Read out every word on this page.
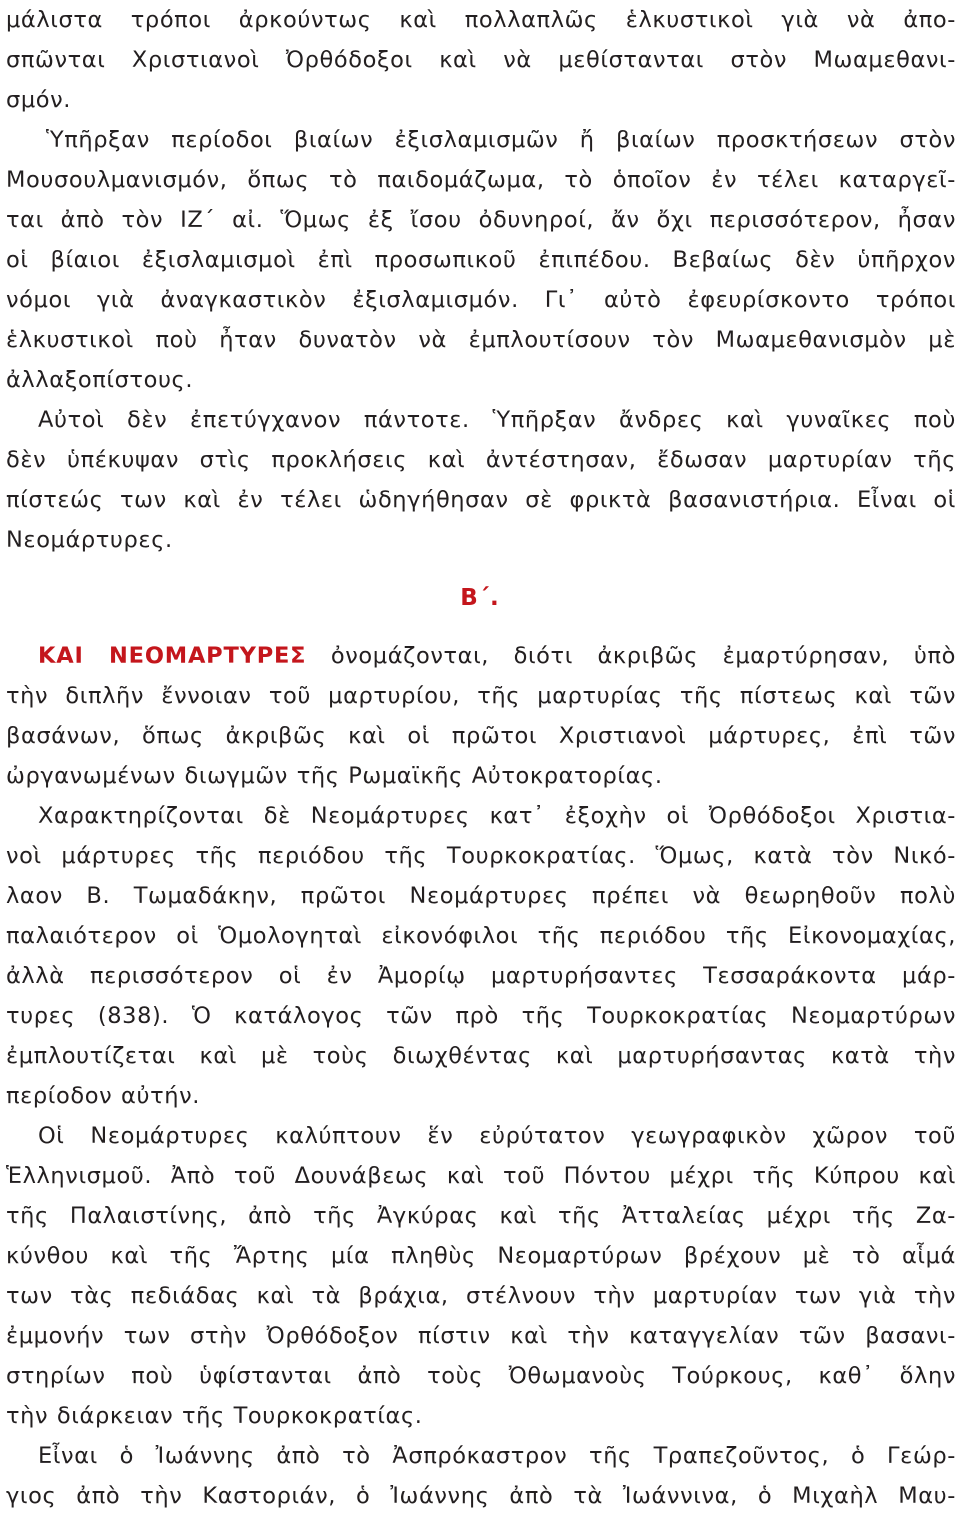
μάλιστα τρόποι ἀρκούντως καὶ πολλαπλῶς ἑλκυστικοὶ γιὰ νὰ ἀπο-
σπῶνται Χριστιανοὶ Ὀρθόδοξοι καὶ νὰ μεθίστανται στὸν Μωαμεθανι-
σμόν.
Ὑπῆρξαν περίοδοι βιαίων ἐξισλαμισμῶν ἤ βιαίων προσκτήσεων στὸν
Μουσουλμανισμόν, ὅπως τὸ παιδομάζωμα, τὸ ὁποῖον ἐν τέλει καταργεῖ-
ται ἀπὸ τὸν ΙΖ΄ αἰ. Ὅμως ἐξ ἴσου ὀδυνηροί, ἄν ὄχι περισσότερον, ἦσαν
οἱ βίαιοι ἐξισλαμισμοὶ ἐπὶ προσωπικοῦ ἐπιπέδου. Βεβαίως δὲν ὑπῆρχον
νόμοι γιὰ ἀναγκαστικὸν ἐξισλαμισμόν. Γι᾽ αὐτὸ ἐφευρίσκοντο τρόποι
ἑλκυστικοὶ ποὺ ἦταν δυνατὸν νὰ ἐμπλουτίσουν τὸν Μωαμεθανισμὸν μὲ
ἀλλαξοπίστους.
Αὐτοὶ δὲν ἐπετύγχανον πάντοτε. Ὑπῆρξαν ἄνδρες καὶ γυναῖκες ποὺ
δὲν ὑπέκυψαν στὶς προκλήσεις καὶ ἀντέστησαν, ἔδωσαν μαρτυρίαν τῆς
πίστεώς των καὶ ἐν τέλει ὡδηγήθησαν σὲ φρικτὰ βασανιστήρια. Εἶναι οἱ
Νεομάρτυρες.
Β΄.
ΚΑΙ ΝΕΟΜΑΡΤΥΡΕΣ ὀνομάζονται, διότι ἀκριβῶς ἐμαρτύρησαν, ὑπὸ
τὴν διπλῆν ἔννοιαν τοῦ μαρτυρίου, τῆς μαρτυρίας τῆς πίστεως καὶ τῶν
βασάνων, ὅπως ἀκριβῶς καὶ οἱ πρῶτοι Χριστιανοὶ μάρτυρες, ἐπὶ τῶν
ὠργανωμένων διωγμῶν τῆς Ρωμαϊκῆς Αὐτοκρατορίας.
Χαρακτηρίζονται δὲ Νεομάρτυρες κατ᾽ ἐξοχὴν οἱ Ὀρθόδοξοι Χριστια-
νοὶ μάρτυρες τῆς περιόδου τῆς Τουρκοκρατίας. Ὅμως, κατὰ τὸν Νικό-
λαον Β. Τωμαδάκην, πρῶτοι Νεομάρτυρες πρέπει νὰ θεωρηθοῦν πολὺ
παλαιότερον οἱ Ὁμολογηταὶ εἰκονόφιλοι τῆς περιόδου τῆς Εἰκονομαχίας,
ἀλλὰ περισσότερον οἱ ἐν Ἀμορίῳ μαρτυρήσαντες Τεσσαράκοντα μάρ-
τυρες (838). Ὁ κατάλογος τῶν πρὸ τῆς Τουρκοκρατίας Νεομαρτύρων
ἐμπλουτίζεται καὶ μὲ τοὺς διωχθέντας καὶ μαρτυρήσαντας κατὰ τὴν
περίοδον αὐτήν.
Οἱ Νεομάρτυρες καλύπτουν ἕν εὐρύτατον γεωγραφικὸν χῶρον τοῦ
Ἑλληνισμοῦ. Ἀπὸ τοῦ Δουνάβεως καὶ τοῦ Πόντου μέχρι τῆς Κύπρου καὶ
τῆς Παλαιστίνης, ἀπὸ τῆς Ἀγκύρας καὶ τῆς Ἀτταλείας μέχρι τῆς Ζα-
κύνθου καὶ τῆς Ἄρτης μία πληθὺς Νεομαρτύρων βρέχουν μὲ τὸ αἷμά
των τὰς πεδιάδας καὶ τὰ βράχια, στέλνουν τὴν μαρτυρίαν των γιὰ τὴν
ἐμμονήν των στὴν Ὀρθόδοξον πίστιν καὶ τὴν καταγγελίαν τῶν βασανι-
στηρίων ποὺ ὑφίστανται ἀπὸ τοὺς Ὀθωμανοὺς Τούρκους, καθ᾽ ὅλην
τὴν διάρκειαν τῆς Τουρκοκρατίας.
Εἶναι ὁ Ἰωάννης ἀπὸ τὸ Ἀσπρόκαστρον τῆς Τραπεζοῦντος, ὁ Γεώρ-
γιος ἀπὸ τὴν Καστοριάν, ὁ Ἰωάννης ἀπὸ τὰ Ἰωάννινα, ὁ Μιχαὴλ Μαυ-
